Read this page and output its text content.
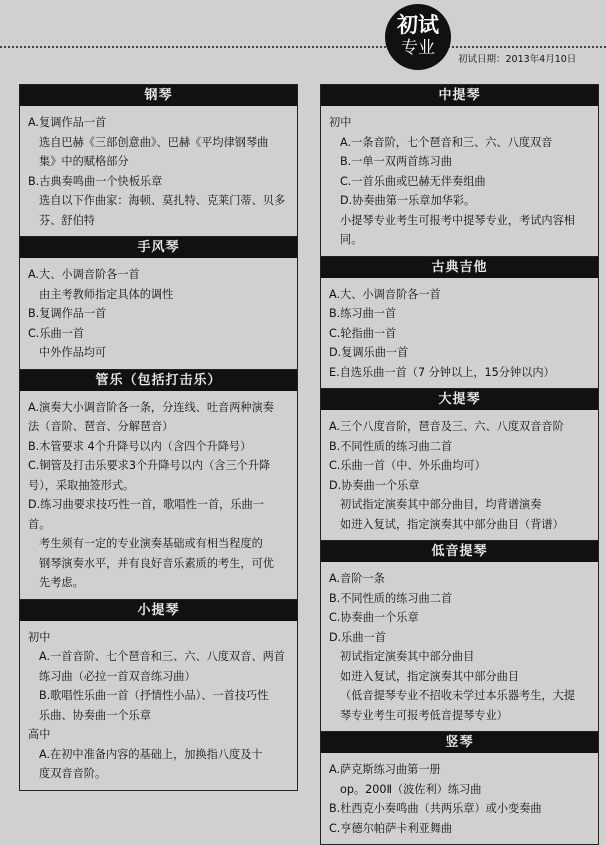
初试
专业
初试日期：2013年4月10日
钢琴
A.复调作品一首
选自巴赫《三部创意曲》、巴赫《平均律钢琴曲
集》中的赋格部分
B.古典奏鸣曲一个快板乐章
选自以下作曲家：海顿、莫扎特、克莱门蒂、贝多
芬、舒伯特
手风琴
A.大、小调音阶各一首
由主考教师指定具体的调性
B.复调作品一首
C.乐曲一首
中外作品均可
管乐（包括打击乐）
A.演奏大小调音阶各一条，分连线、吐音两种演奏
法（音阶、琶音、分解琶音）
B.木管要求 4个升降号以内（含四个升降号）
C.铜管及打击乐要求3个升降号以内（含三个升降
号），采取抽签形式。
D.练习曲要求技巧性一首，歌唱性一首，乐曲一
首。
考生须有一定的专业演奏基础或有相当程度的
钢琴演奏水平，并有良好音乐素质的考生，可优
先考虑。
小提琴
初中
A.一首音阶、七个琶音和三、六、八度双音、两首
练习曲（必拉一首双音练习曲）
B.歌唱性乐曲一首（抒情性小品）、一首技巧性
乐曲、协奏曲一个乐章
高中
A.在初中准备内容的基础上，加换指八度及十
度双音音阶。
中提琴
初中
A.一条音阶，七个琶音和三、六、八度双音
B.一单一双两首练习曲
C.一首乐曲或巴赫无伴奏组曲
D.协奏曲第一乐章加华彩。
小提琴专业考生可报考中提琴专业，考试内容相
同。
古典吉他
A.大、小调音阶各一首
B.练习曲一首
C.轮指曲一首
D.复调乐曲一首
E.自选乐曲一首（7 分钟以上，15分钟以内）
大提琴
A.三个八度音阶，琶音及三、六、八度双音音阶
B.不同性质的练习曲二首
C.乐曲一首（中、外乐曲均可）
D.协奏曲一个乐章
初试指定演奏其中部分曲目，均背谱演奏
如进入复试，指定演奏其中部分曲目（背谱）
低音提琴
A.音阶一条
B.不同性质的练习曲二首
C.协奏曲一个乐章
D.乐曲一首
初试指定演奏其中部分曲目
如进入复试，指定演奏其中部分曲目
（低音提琴专业不招收未学过本乐器考生，大提
琴专业考生可报考低音提琴专业）
竖琴
A.萨克斯练习曲第一册
op。200Ⅱ（波佐利）练习曲
B.杜西克小奏鸣曲（共两乐章）或小变奏曲
C.亨德尔帕萨卡利亚舞曲
